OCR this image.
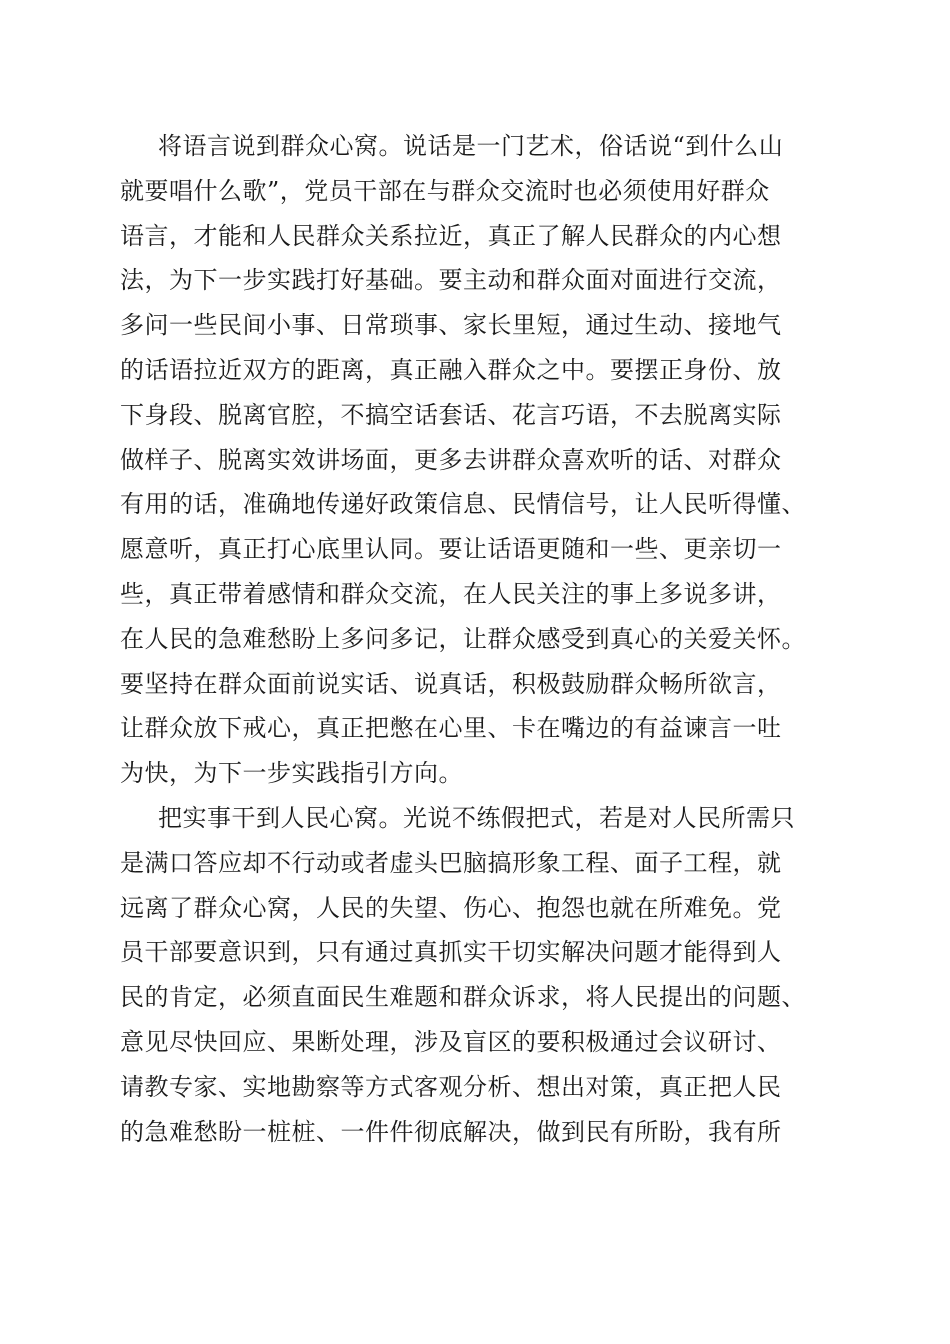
将语言说到群众心窝。说话是一门艺术，俗话说“到什么山
就要唱什么歌”，党员干部在与群众交流时也必须使用好群众
语言，才能和人民群众关系拉近，真正了解人民群众的内心想
法，为下一步实践打好基础。要主动和群众面对面进行交流，
多问一些民间小事、日常琐事、家长里短，通过生动、接地气
的话语拉近双方的距离，真正融入群众之中。要摆正身份、放
下身段、脱离官腔，不搞空话套话、花言巧语，不去脱离实际
做样子、脱离实效讲场面，更多去讲群众喜欢听的话、对群众
有用的话，准确地传递好政策信息、民情信号，让人民听得懂、
愿意听，真正打心底里认同。要让话语更随和一些、更亲切一
些，真正带着感情和群众交流，在人民关注的事上多说多讲，
在人民的急难愁盼上多问多记，让群众感受到真心的关爱关怀。
要坚持在群众面前说实话、说真话，积极鼓励群众畅所欲言，
让群众放下戒心，真正把憋在心里、卡在嘴边的有益谏言一吐
为快，为下一步实践指引方向。
把实事干到人民心窝。光说不练假把式，若是对人民所需只
是满口答应却不行动或者虚头巴脑搞形象工程、面子工程，就
远离了群众心窝，人民的失望、伤心、抱怨也就在所难免。党
员干部要意识到，只有通过真抓实干切实解决问题才能得到人
民的肯定，必须直面民生难题和群众诉求，将人民提出的问题、
意见尽快回应、果断处理，涉及盲区的要积极通过会议研讨、
请教专家、实地勘察等方式客观分析、想出对策，真正把人民
的急难愁盼一桩桩、一件件彻底解决，做到民有所盼，我有所
